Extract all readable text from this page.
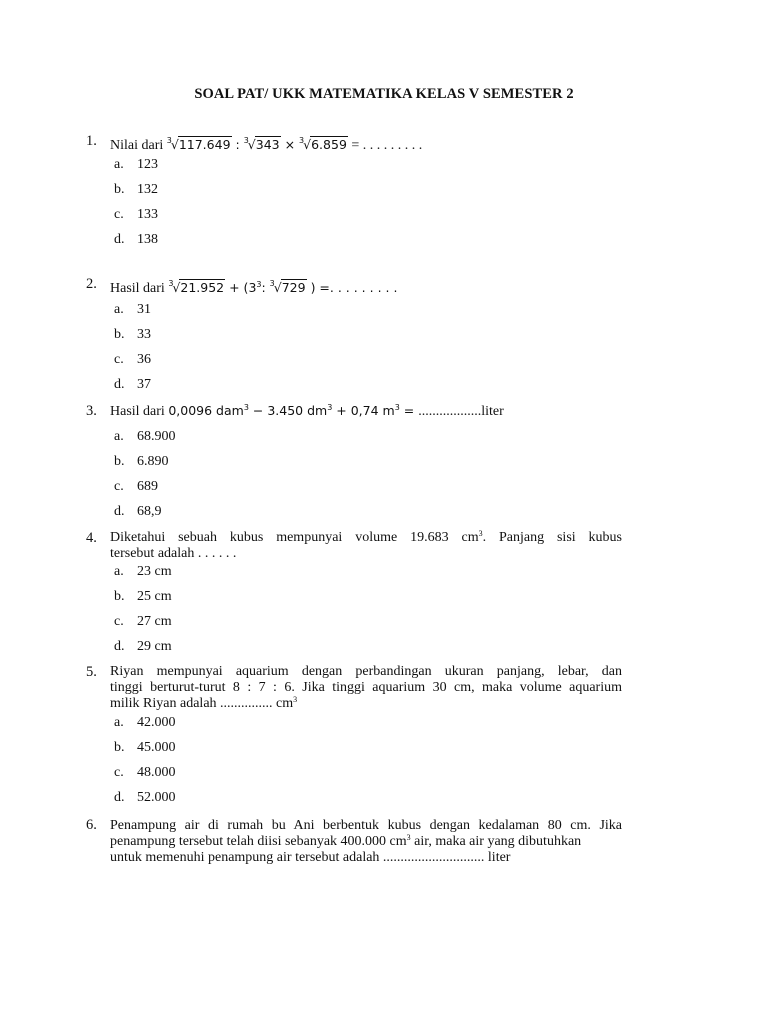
SOAL PAT/ UKK MATEMATIKA KELAS V SEMESTER 2
1. Nilai dari $^3$√117.649 : $^3$√343 × $^3$√6.859 = . . . . . . . . .
a. 123
b. 132
c. 133
d. 138
2. Hasil dari $^3√21.952 + (3^3$: $^3$√729 ) =. . . . . . . . .
a. 31
b. 33
c. 36
d. 37
3. Hasil dari 0,0096 dam$^3$ − 3.450 $dm^3 + 0,74$ $m^3$ = ..................liter
a. 68.900
b. 6.890
c. 689
d. 68,9
4. Diketahui sebuah kubus mempunyai volume 19.683 $cm^3$. Panjang sisi kubus
tersebut adalah . . . . . .
a. 23 cm
b. 25 cm
c. 27 cm
d. 29 cm
5. Riyan mempunyai aquarium dengan perbandingan ukuran panjang, lebar, dan
tinggi berturut-turut 8 : 7 : 6. Jika tinggi aquarium 30 cm, maka volume aquarium
milik Riyan adalah ............... $cm^3$
a. 42.000
b. 45.000
c. 48.000
d. 52.000
6. Penampung air di rumah bu Ani berbentuk kubus dengan kedalaman 80 cm. Jika
penampung tersebut telah diisi sebanyak 400.000 $cm^3$ air, maka air yang dibutuhkan
untuk memenuhi penampung air tersebut adalah ............................. liter
